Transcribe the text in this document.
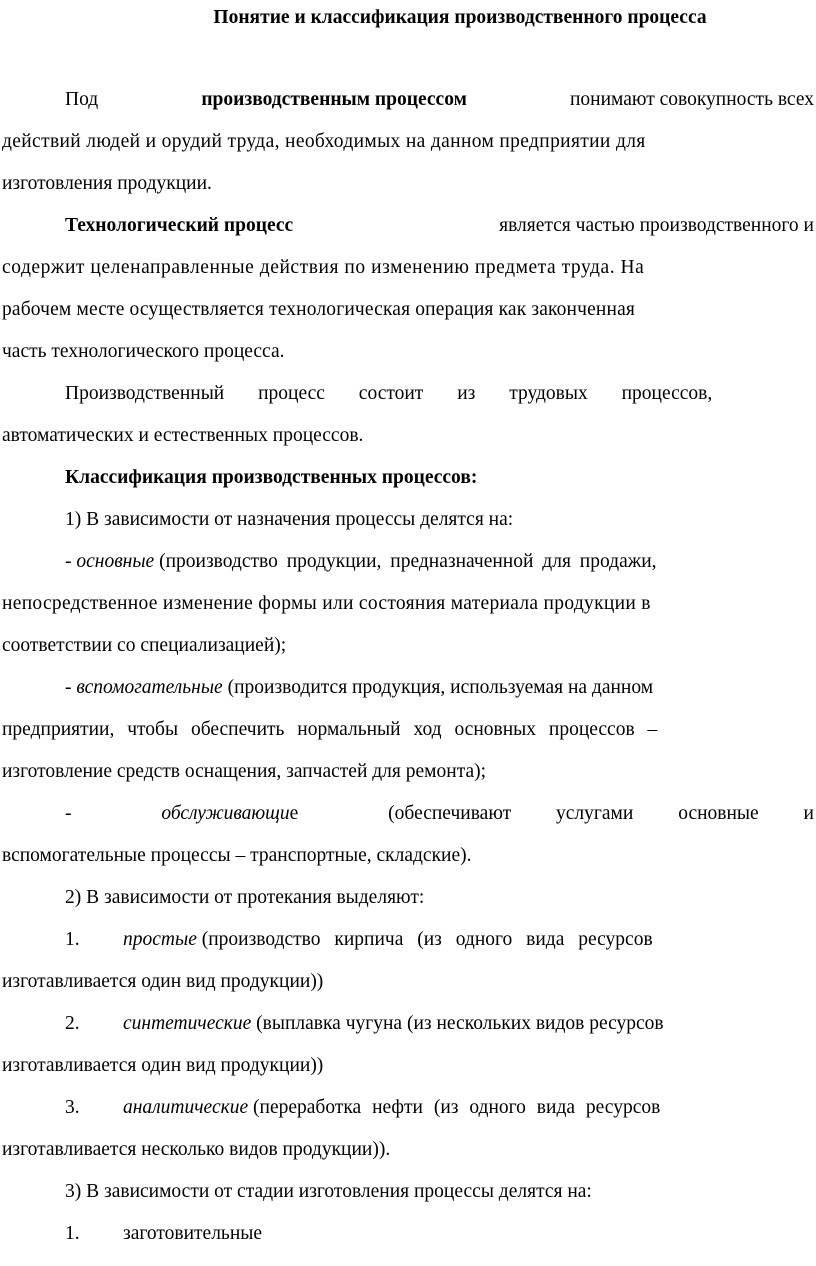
Понятие и классификация производственного процесса
Под	производственным процессом	понимают совокупность всех
действий людей и орудий труда, необходимых на данном предприятии для
изготовления продукции.
Технологический процесс	является частью производственного и
содержит целенаправленные действия по изменению предмета труда. На
рабочем месте осуществляется технологическая операция как законченная
часть технологического процесса.
Производственный процесс состоит из трудовых процессов,
автоматических и естественных процессов.
Классификация производственных процессов:
1) В зависимости от назначения процессы делятся на:
- основные (производство продукции, предназначенной для продажи,
непосредственное изменение формы или состояния материала продукции в
соответствии со специализацией);
- вспомогательные (производится продукция, используемая на данном
предприятии, чтобы обеспечить нормальный ход основных процессов –
изготовление средств оснащения, запчастей для ремонта);
-	обслуживающие	(обеспечивают услугами основные и
вспомогательные процессы – транспортные, складские).
2) В зависимости от протекания выделяют:
1. простые (производство кирпича (из одного вида ресурсов
изготавливается один вид продукции))
2. синтетические (выплавка чугуна (из нескольких видов ресурсов
изготавливается один вид продукции))
3. аналитические (переработка нефти (из одного вида ресурсов
изготавливается несколько видов продукции)).
3) В зависимости от стадии изготовления процессы делятся на:
1. заготовительные
